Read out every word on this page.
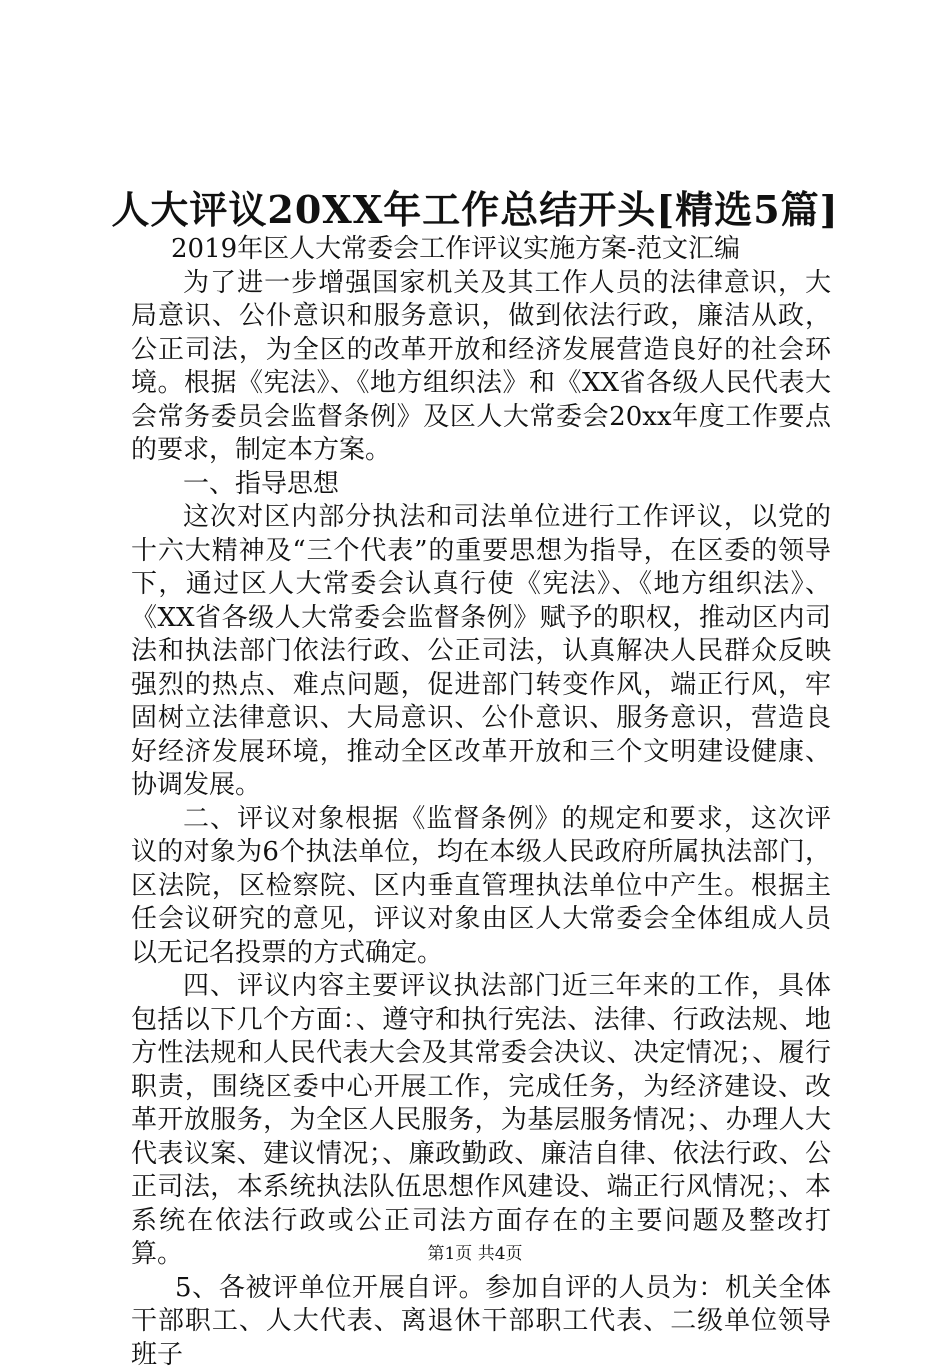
人大评议20XX年工作总结开头[精选5篇]

2019年区人大常委会工作评议实施方案-范文汇编

为了进一步增强国家机关及其工作人员的法律意识，大局意识、公仆意识和服务意识，做到依法行政，廉洁从政，公正司法，为全区的改革开放和经济发展营造良好的社会环境。根据《宪法》、《地方组织法》和《XX省各级人民代表大会常务委员会监督条例》及区人大常委会20xx年度工作要点的要求，制定本方案。

一、指导思想

这次对区内部分执法和司法单位进行工作评议，以党的十六大精神及“三个代表”的重要思想为指导，在区委的领导下，通过区人大常委会认真行使《宪法》、《地方组织法》、《XX省各级人大常委会监督条例》赋予的职权，推动区内司法和执法部门依法行政、公正司法，认真解决人民群众反映强烈的热点、难点问题，促进部门转变作风，端正行风，牢固树立法律意识、大局意识、公仆意识、服务意识，营造良好经济发展环境，推动全区改革开放和三个文明建设健康、协调发展。

二、评议对象根据《监督条例》的规定和要求，这次评议的对象为6个执法单位，均在本级人民政府所属执法部门，区法院，区检察院、区内垂直管理执法单位中产生。根据主任会议研究的意见，评议对象由区人大常委会全体组成人员以无记名投票的方式确定。

四、评议内容主要评议执法部门近三年来的工作，具体包括以下几个方面：、遵守和执行宪法、法律、行政法规、地方性法规和人民代表大会及其常委会决议、决定情况；、履行职责，围绕区委中心开展工作，完成任务，为经济建设、改革开放服务，为全区人民服务，为基层服务情况；、办理人大代表议案、建议情况；、廉政勤政、廉洁自律、依法行政、公正司法，本系统执法队伍思想作风建设、端正行风情况；、本系统在依法行政或公正司法方面存在的主要问题及整改打算。

5、各被评单位开展自评。参加自评的人员为：机关全体干部职工、人大代表、离退休干部职工代表、二级单位领导班子

第1页 共4页
